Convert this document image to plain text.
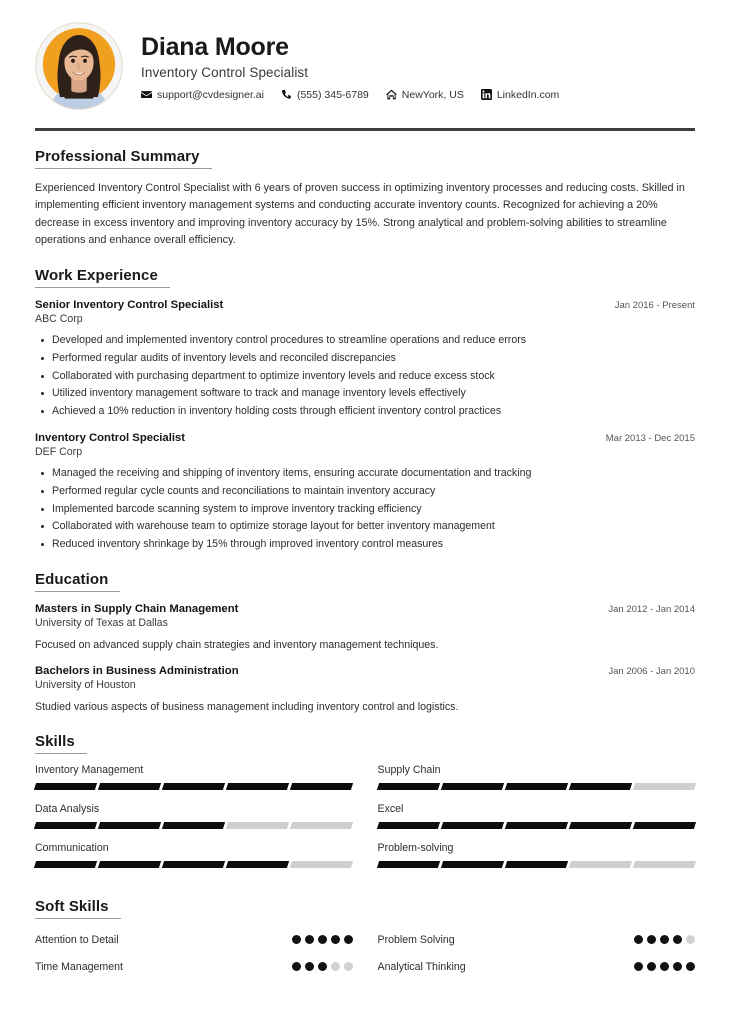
Diana Moore
Inventory Control Specialist
support@cvdesigner.ai	(555) 345-6789	NewYork, US	LinkedIn.com
Professional Summary
Experienced Inventory Control Specialist with 6 years of proven success in optimizing inventory processes and reducing costs. Skilled in implementing efficient inventory management systems and conducting accurate inventory counts. Recognized for achieving a 20% decrease in excess inventory and improving inventory accuracy by 15%. Strong analytical and problem-solving abilities to streamline operations and enhance overall efficiency.
Work Experience
Senior Inventory Control Specialist	Jan 2016 - Present
ABC Corp
Developed and implemented inventory control procedures to streamline operations and reduce errors
Performed regular audits of inventory levels and reconciled discrepancies
Collaborated with purchasing department to optimize inventory levels and reduce excess stock
Utilized inventory management software to track and manage inventory levels effectively
Achieved a 10% reduction in inventory holding costs through efficient inventory control practices
Inventory Control Specialist	Mar 2013 - Dec 2015
DEF Corp
Managed the receiving and shipping of inventory items, ensuring accurate documentation and tracking
Performed regular cycle counts and reconciliations to maintain inventory accuracy
Implemented barcode scanning system to improve inventory tracking efficiency
Collaborated with warehouse team to optimize storage layout for better inventory management
Reduced inventory shrinkage by 15% through improved inventory control measures
Education
Masters in Supply Chain Management	Jan 2012 - Jan 2014
University of Texas at Dallas
Focused on advanced supply chain strategies and inventory management techniques.
Bachelors in Business Administration	Jan 2006 - Jan 2010
University of Houston
Studied various aspects of business management including inventory control and logistics.
Skills
Inventory Management	Supply Chain
Data Analysis	Excel
Communication	Problem-solving
Soft Skills
Attention to Detail	Problem Solving
Time Management	Analytical Thinking
